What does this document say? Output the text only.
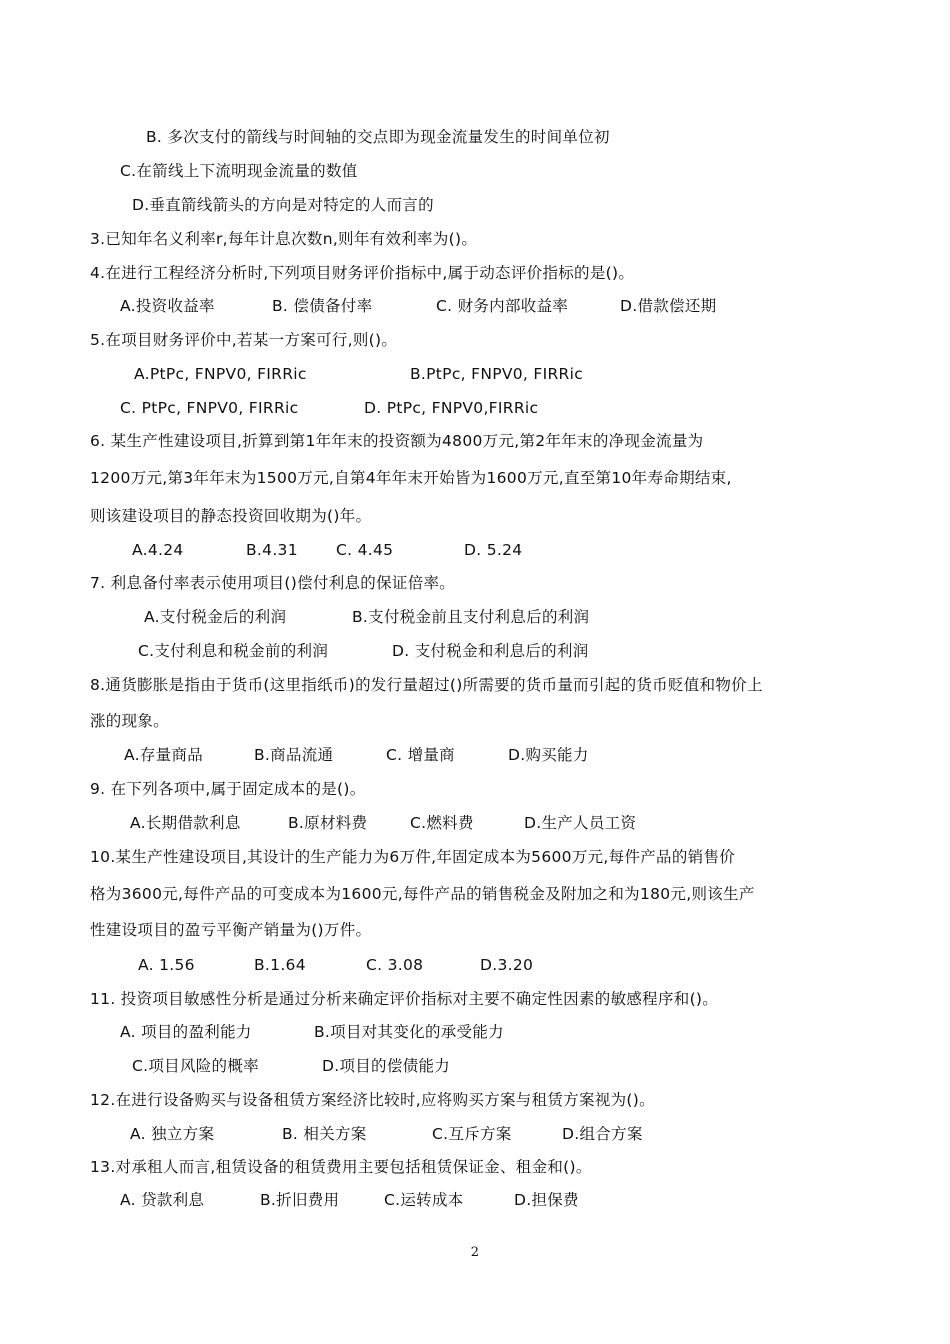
B. 多次支付的箭线与时间轴的交点即为现金流量发生的时间单位初
C.在箭线上下流明现金流量的数值
D.垂直箭线箭头的方向是对特定的人而言的
3.已知年名义利率r,每年计息次数n,则年有效利率为()。
4.在进行工程经济分析时,下列项目财务评价指标中,属于动态评价指标的是()。
A.投资收益率	B. 偿债备付率	C. 财务内部收益率	D.借款偿还期
5.在项目财务评价中,若某一方案可行,则()。
A.PtPc, FNPV0, FIRRic	B.PtPc, FNPV0, FIRRic
C. PtPc, FNPV0, FIRRic	D. PtPc, FNPV0,FIRRic
6. 某生产性建设项目,折算到第1年年末的投资额为4800万元,第2年年末的净现金流量为
1200万元,第3年年末为1500万元,自第4年年末开始皆为1600万元,直至第10年寿命期结束,
则该建设项目的静态投资回收期为()年。
A.4.24	B.4.31 C. 4.45	D. 5.24
7. 利息备付率表示使用项目()偿付利息的保证倍率。
A.支付税金后的利润	B.支付税金前且支付利息后的利润
C.支付利息和税金前的利润	D. 支付税金和利息后的利润
8.通货膨胀是指由于货币(这里指纸币)的发行量超过()所需要的货币量而引起的货币贬值和物价上
涨的现象。
A.存量商品	B.商品流通	C. 增量商	D.购买能力
9. 在下列各项中,属于固定成本的是()。
A.长期借款利息	B.原材料费	C.燃料费	D.生产人员工资
10.某生产性建设项目,其设计的生产能力为6万件,年固定成本为5600万元,每件产品的销售价
格为3600元,每件产品的可变成本为1600元,每件产品的销售税金及附加之和为180元,则该生产
性建设项目的盈亏平衡产销量为()万件。
A. 1.56	B.1.64	C. 3.08	D.3.20
11. 投资项目敏感性分析是通过分析来确定评价指标对主要不确定性因素的敏感程序和()。
A. 项目的盈利能力	B.项目对其变化的承受能力
C.项目风险的概率	D.项目的偿债能力
12.在进行设备购买与设备租赁方案经济比较时,应将购买方案与租赁方案视为()。
A. 独立方案	B. 相关方案	C.互斥方案	D.组合方案
13.对承租人而言,租赁设备的租赁费用主要包括租赁保证金、租金和()。
A. 贷款利息	B.折旧费用	C.运转成本	D.担保费
2
